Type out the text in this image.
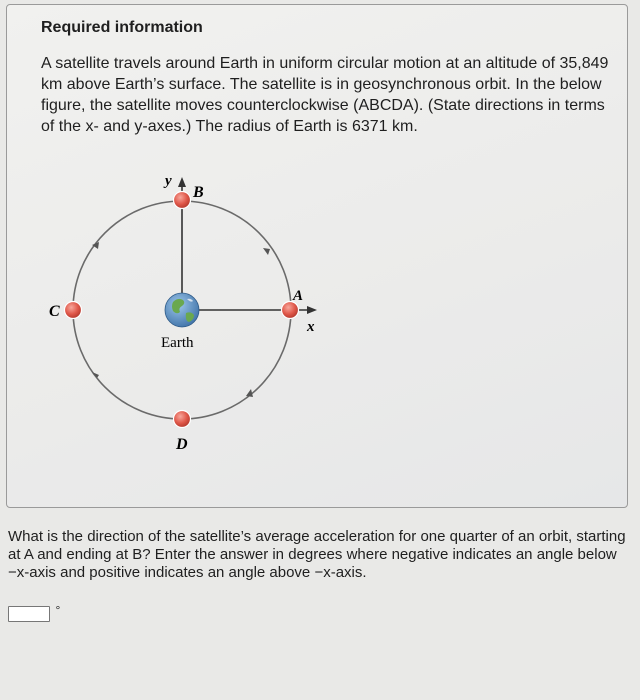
Required information

A satellite travels around Earth in uniform circular motion at an altitude of 35,849 km above Earth’s surface. The satellite is in geosynchronous orbit. In the below figure, the satellite moves counterclockwise (ABCDA). (State directions in terms of the x- and y-axes.) The radius of Earth is 6371 km.

y
B
A
x
C
D
Earth

What is the direction of the satellite’s average acceleration for one quarter of an orbit, starting at A and ending at B? Enter the answer in degrees where negative indicates an angle below −x-axis and positive indicates an angle above −x-axis.

°
